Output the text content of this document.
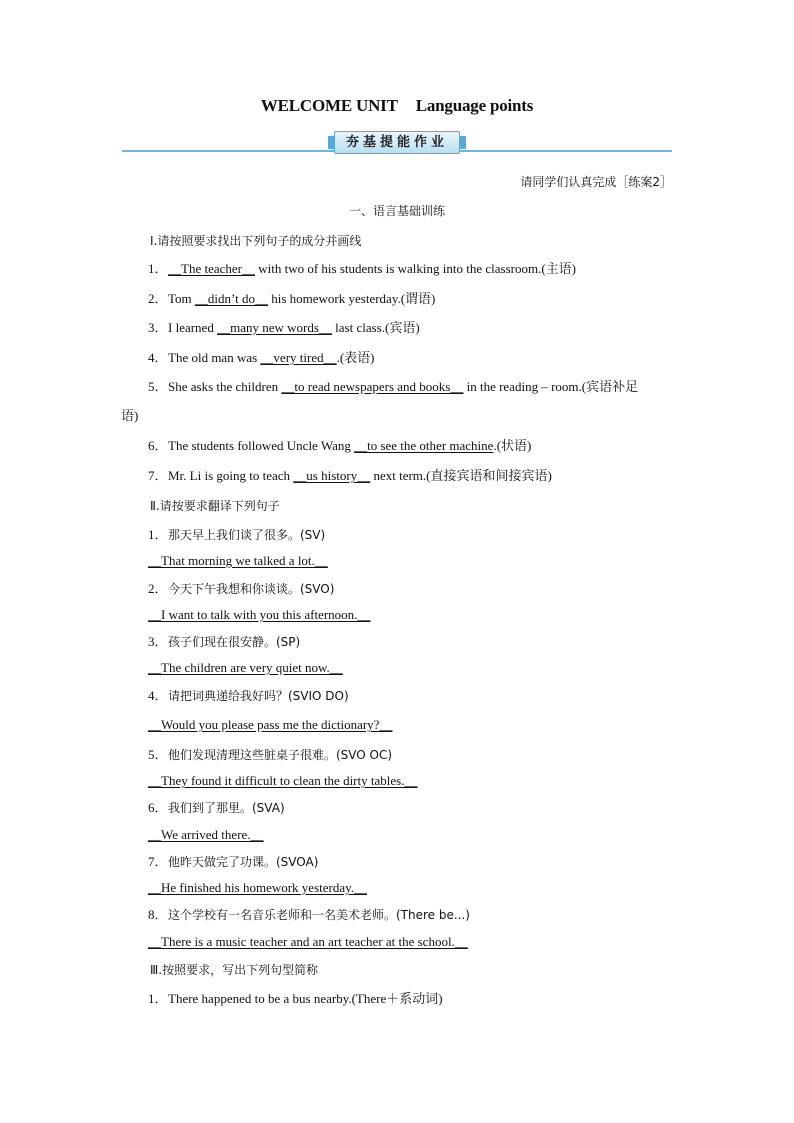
WELCOME UNIT Language points
夯基提能作业
请同学们认真完成［练案2］
一、语言基础训练
Ⅰ.请按照要求找出下列句子的成分并画线
1．__The teacher__ with two of his students is walking into the classroom.(主语)
2．Tom __didn’t do__ his homework yesterday.(谓语)
3．I learned __many new words__ last class.(宾语)
4．The old man was __very tired__.(表语)
5．She asks the children __to read newspapers and books__ in the reading – room.(宾语补足
语)
6．The students followed Uncle Wang __to see the other machine.(状语)
7．Mr. Li is going to teach __us history__ next term.(直接宾语和间接宾语)
Ⅱ.请按要求翻译下列句子
1．那天早上我们谈了很多。(SV)
__That morning we talked a lot.__
2．今天下午我想和你谈谈。(SVO)
__I want to talk with you this afternoon.__
3．孩子们现在很安静。(SP)
__The children are very quiet now.__
4．请把词典递给我好吗？(SVIO DO)
__Would you please pass me the dictionary?__
5．他们发现清理这些脏桌子很难。(SVO OC)
__They found it difficult to clean the dirty tables.__
6．我们到了那里。(SVA)
__We arrived there.__
7．他昨天做完了功课。(SVOA)
__He finished his homework yesterday.__
8．这个学校有一名音乐老师和一名美术老师。(There be...)
__There is a music teacher and an art teacher at the school.__
Ⅲ.按照要求，写出下列句型简称
1．There happened to be a bus nearby.(There＋系动词)
